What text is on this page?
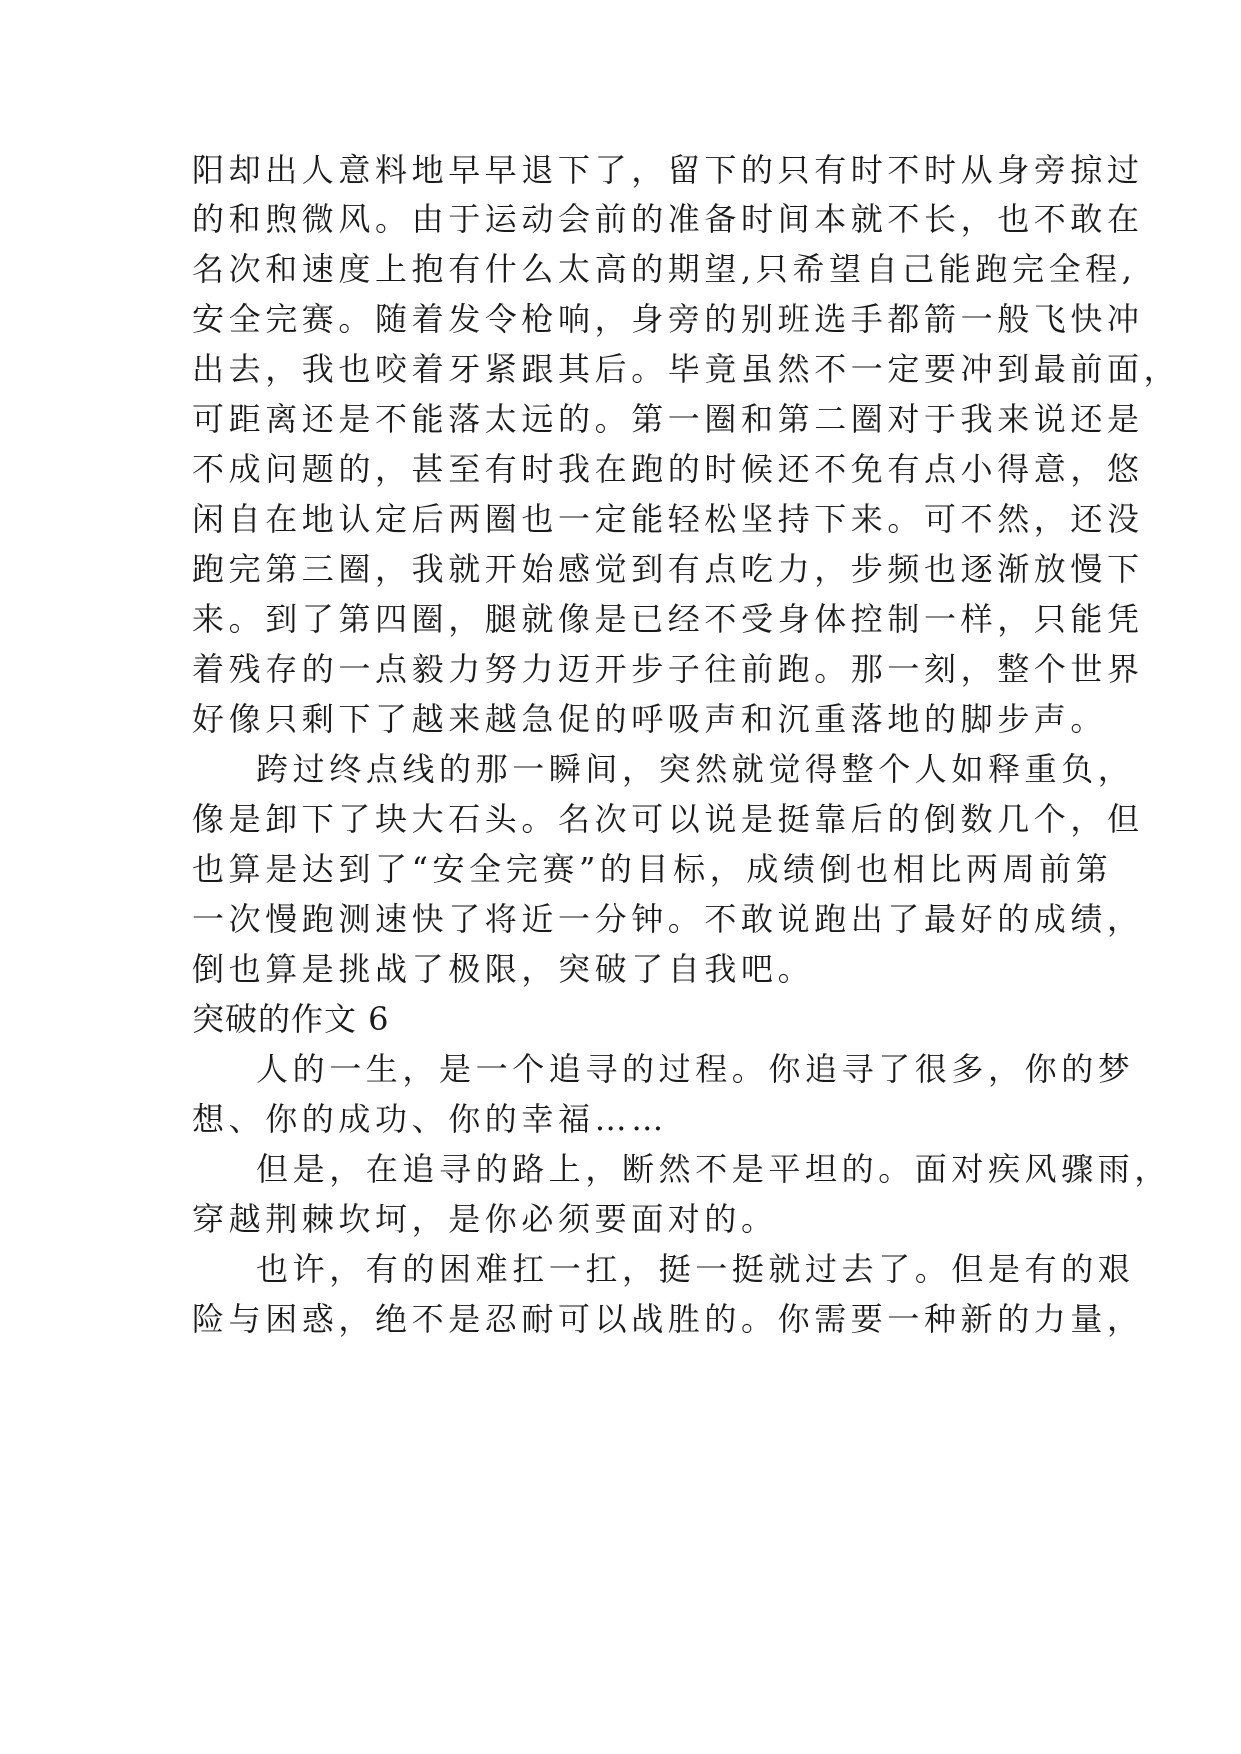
阳却出人意料地早早退下了，留下的只有时不时从身旁掠过
的和煦微风。由于运动会前的准备时间本就不长，也不敢在
名次和速度上抱有什么太高的期望,只希望自己能跑完全程,
安全完赛。随着发令枪响，身旁的别班选手都箭一般飞快冲
出去，我也咬着牙紧跟其后。毕竟虽然不一定要冲到最前面，
可距离还是不能落太远的。第一圈和第二圈对于我来说还是
不成问题的，甚至有时我在跑的时候还不免有点小得意，悠
闲自在地认定后两圈也一定能轻松坚持下来。可不然，还没
跑完第三圈，我就开始感觉到有点吃力，步频也逐渐放慢下
来。到了第四圈，腿就像是已经不受身体控制一样，只能凭
着残存的一点毅力努力迈开步子往前跑。那一刻，整个世界
好像只剩下了越来越急促的呼吸声和沉重落地的脚步声。
跨过终点线的那一瞬间，突然就觉得整个人如释重负，
像是卸下了块大石头。名次可以说是挺靠后的倒数几个，但
也算是达到了“安全完赛”的目标，成绩倒也相比两周前第
一次慢跑测速快了将近一分钟。不敢说跑出了最好的成绩，
倒也算是挑战了极限，突破了自我吧。
突破的作文 6
人的一生，是一个追寻的过程。你追寻了很多，你的梦
想、你的成功、你的幸福……
但是，在追寻的路上，断然不是平坦的。面对疾风骤雨，
穿越荆棘坎坷，是你必须要面对的。
也许，有的困难扛一扛，挺一挺就过去了。但是有的艰
险与困惑，绝不是忍耐可以战胜的。你需要一种新的力量，
